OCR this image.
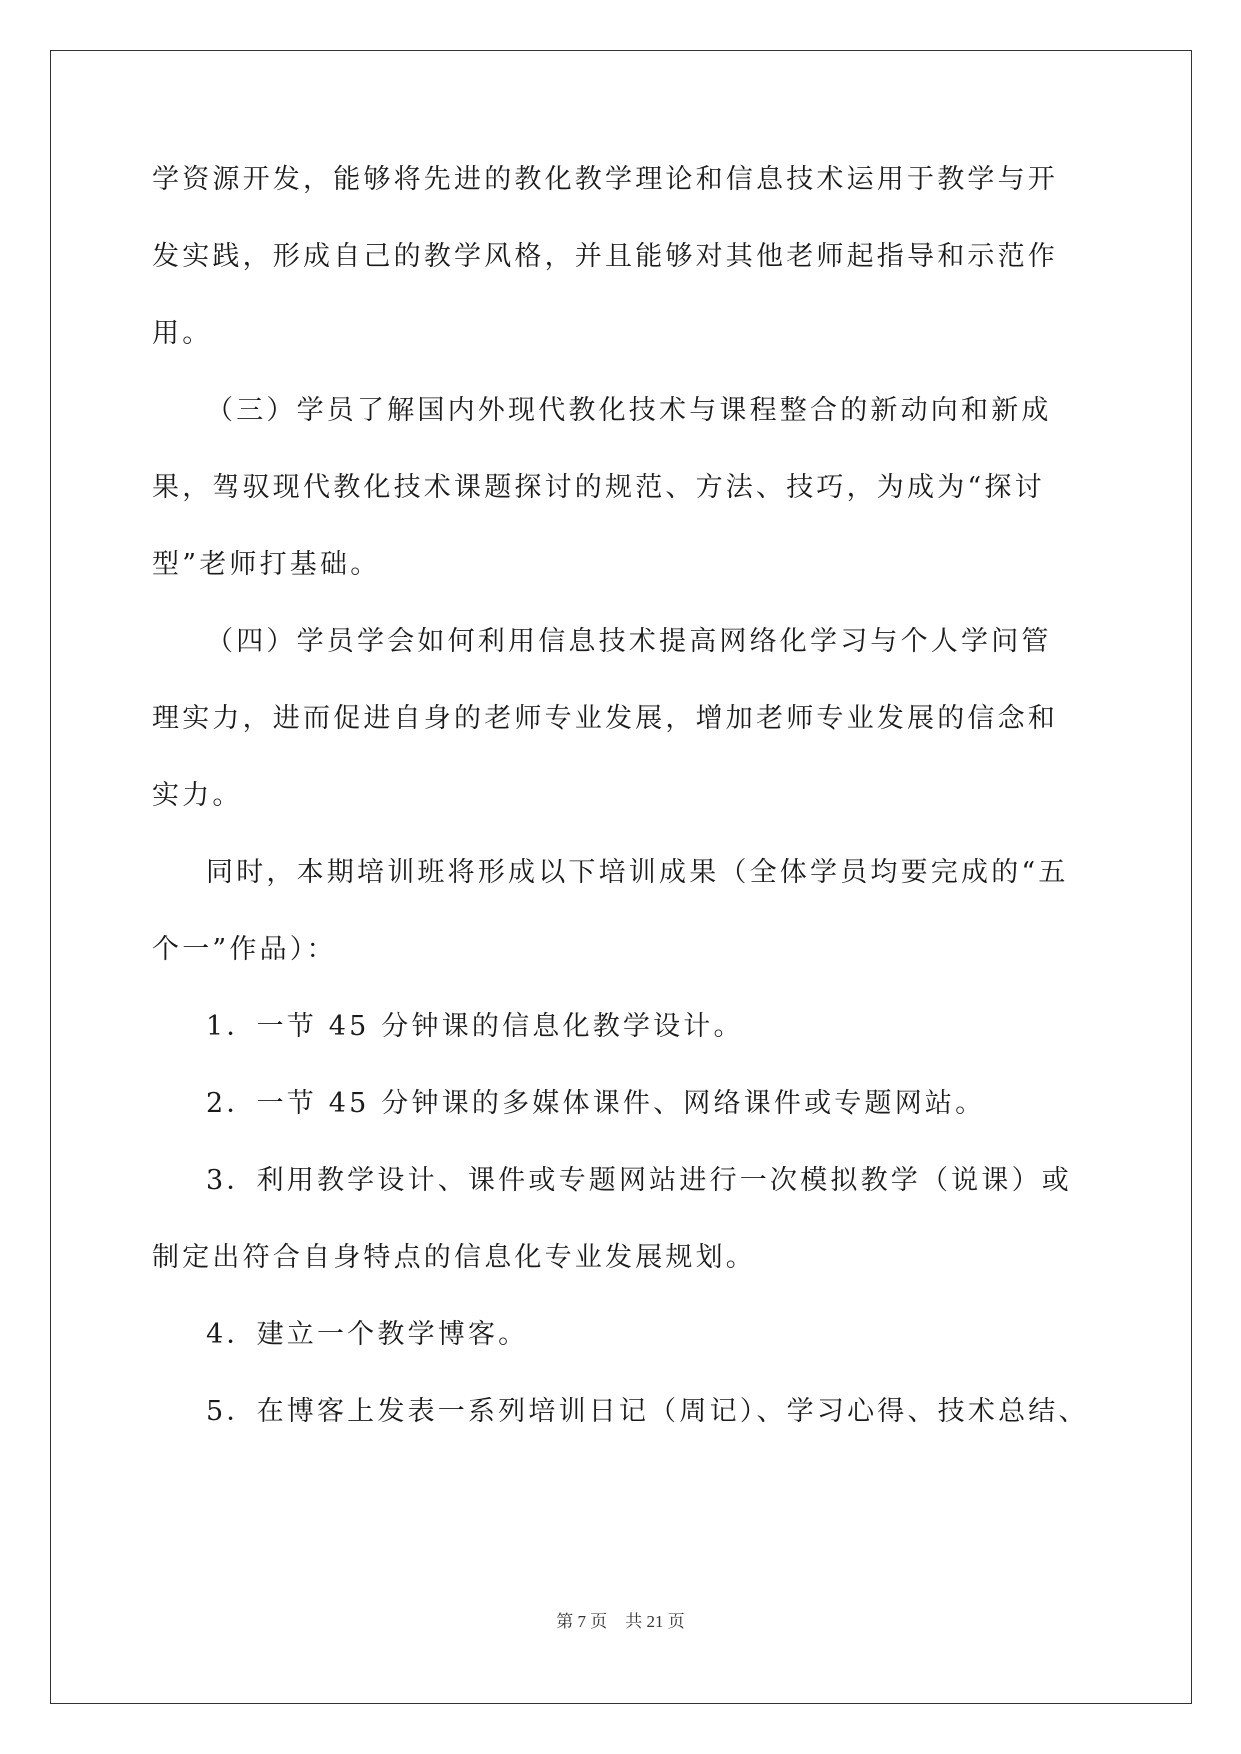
学资源开发，能够将先进的教化教学理论和信息技术运用于教学与开
发实践，形成自己的教学风格，并且能够对其他老师起指导和示范作
用。
（三）学员了解国内外现代教化技术与课程整合的新动向和新成
果，驾驭现代教化技术课题探讨的规范、方法、技巧，为成为“探讨
型”老师打基础。
（四）学员学会如何利用信息技术提高网络化学习与个人学问管
理实力，进而促进自身的老师专业发展，增加老师专业发展的信念和
实力。
同时，本期培训班将形成以下培训成果（全体学员均要完成的“五
个一”作品）：
1．一节 45 分钟课的信息化教学设计。
2．一节 45 分钟课的多媒体课件、网络课件或专题网站。
3．利用教学设计、课件或专题网站进行一次模拟教学（说课）或
制定出符合自身特点的信息化专业发展规划。
4．建立一个教学博客。
5．在博客上发表一系列培训日记（周记）、学习心得、技术总结、
第 7 页 共 21 页
